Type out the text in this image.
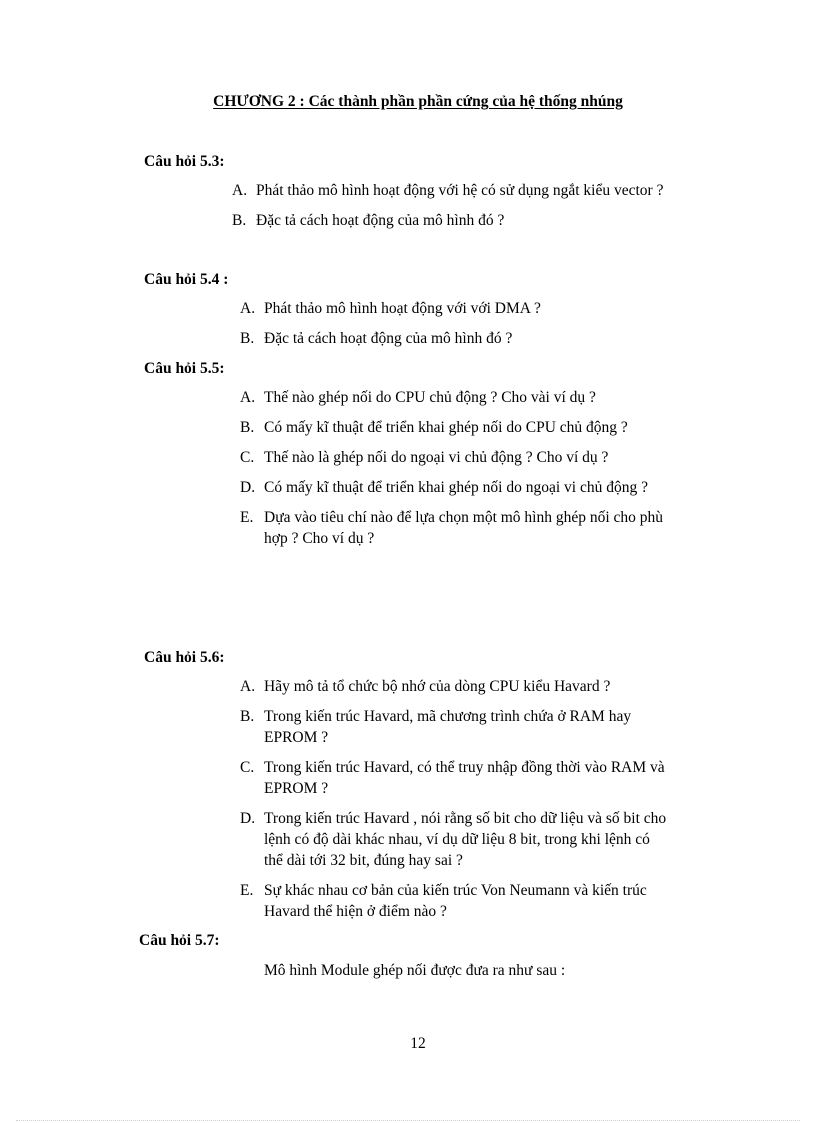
CHƯƠNG 2 : Các thành phần phần cứng của hệ thống nhúng
Câu hỏi 5.3:
A. Phát thảo mô hình hoạt động với hệ có sử dụng ngắt kiểu vector ?
B. Đặc tả cách hoạt động của mô hình đó ?
Câu hỏi 5.4 :
A. Phát thảo mô hình hoạt động với với DMA ?
B. Đặc tả cách hoạt động của mô hình đó ?
Câu hỏi 5.5:
A. Thế nào ghép nối do CPU chủ động ? Cho vài ví dụ ?
B. Có mấy kĩ thuật để triển khai ghép nối do CPU chủ động ?
C. Thế nào là ghép nối do ngoại vi chủ động ? Cho ví dụ ?
D. Có mấy kĩ thuật để triển khai ghép nối do ngoại vi chủ động ?
E. Dựa vào tiêu chí nào để lựa chọn một mô hình ghép nối cho phù
hợp ? Cho ví dụ ?
Câu hỏi 5.6:
A. Hãy mô tả tổ chức bộ nhớ của dòng CPU kiểu Havard ?
B. Trong kiến trúc Havard, mã chương trình chứa ở RAM hay
EPROM ?
C. Trong kiến trúc Havard, có thể truy nhập đồng thời vào RAM và
EPROM ?
D. Trong kiến trúc Havard , nói rằng số bit cho dữ liệu và số bit cho
lệnh có độ dài khác nhau, ví dụ dữ liệu 8 bit, trong khi lệnh có
thể dài tới 32 bit, đúng hay sai ?
E. Sự khác nhau cơ bản của kiến trúc Von Neumann và kiến trúc
Havard thể hiện ở điểm nào ?
Câu hỏi 5.7:
Mô hình Module ghép nối được đưa ra như sau :
12
